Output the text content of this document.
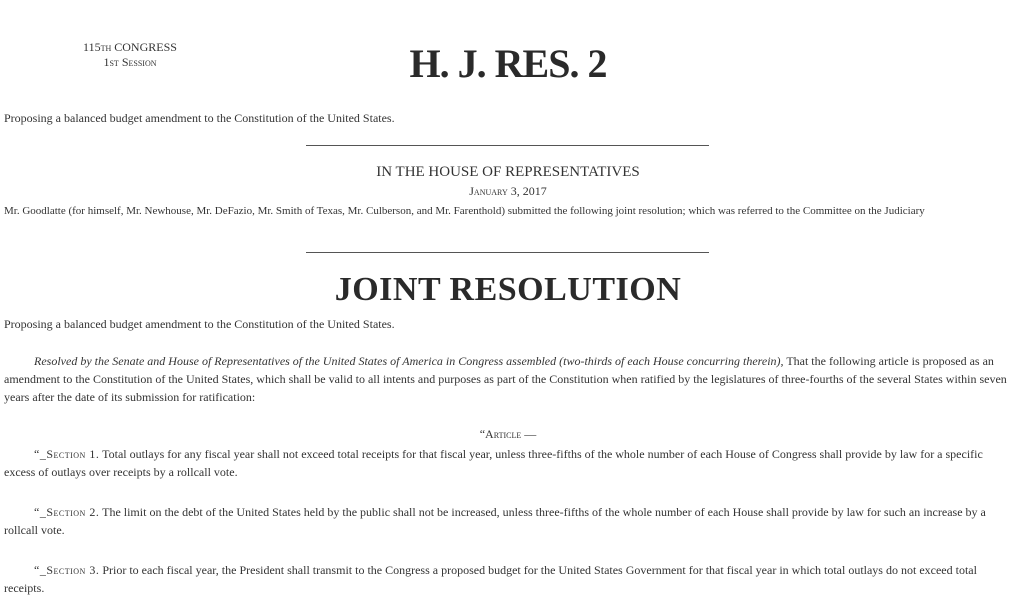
115th CONGRESS
1st Session	H. J. RES. 2
Proposing a balanced budget amendment to the Constitution of the United States.
IN THE HOUSE OF REPRESENTATIVES
January 3, 2017
Mr. Goodlatte (for himself, Mr. Newhouse, Mr. DeFazio, Mr. Smith of Texas, Mr. Culberson, and Mr. Farenthold) submitted the following joint resolution; which was referred to the Committee on the Judiciary
JOINT RESOLUTION
Proposing a balanced budget amendment to the Constitution of the United States.
Resolved by the Senate and House of Representatives of the United States of America in Congress assembled (two-thirds of each House concurring therein), That the following article is proposed as an amendment to the Constitution of the United States, which shall be valid to all intents and purposes as part of the Constitution when ratified by the legislatures of three-fourths of the several States within seven years after the date of its submission for ratification:
“Article —
“_Section 1. Total outlays for any fiscal year shall not exceed total receipts for that fiscal year, unless three-fifths of the whole number of each House of Congress shall provide by law for a specific excess of outlays over receipts by a rollcall vote.
“_Section 2. The limit on the debt of the United States held by the public shall not be increased, unless three-fifths of the whole number of each House shall provide by law for such an increase by a rollcall vote.
“_Section 3. Prior to each fiscal year, the President shall transmit to the Congress a proposed budget for the United States Government for that fiscal year in which total outlays do not exceed total receipts.
